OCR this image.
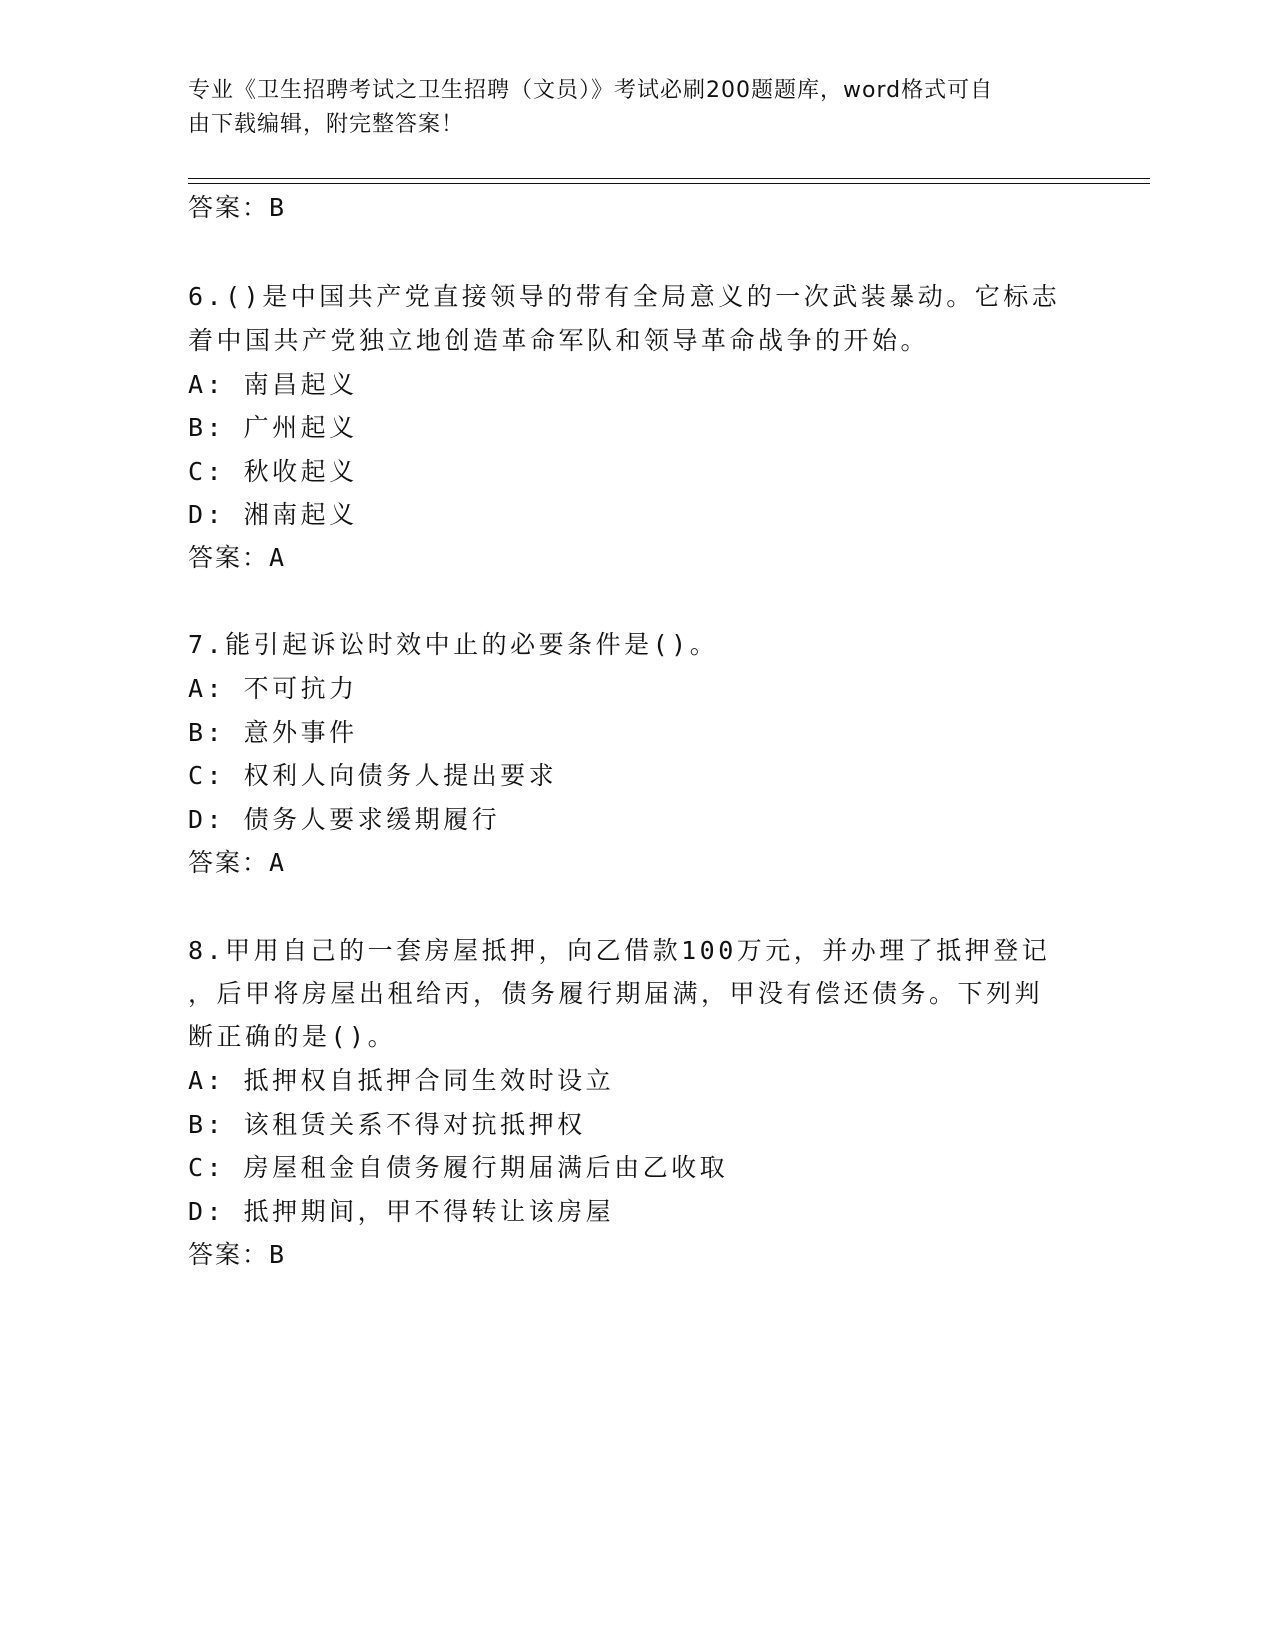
专业《卫生招聘考试之卫生招聘（文员）》考试必刷200题题库，word格式可自
由下载编辑，附完整答案！
答案：B
6.()是中国共产党直接领导的带有全局意义的一次武装暴动。它标志
着中国共产党独立地创造革命军队和领导革命战争的开始。
A: 南昌起义
B: 广州起义
C: 秋收起义
D: 湘南起义
答案：A
7.能引起诉讼时效中止的必要条件是()。
A: 不可抗力
B: 意外事件
C: 权利人向债务人提出要求
D: 债务人要求缓期履行
答案：A
8.甲用自己的一套房屋抵押，向乙借款100万元，并办理了抵押登记
，后甲将房屋出租给丙，债务履行期届满，甲没有偿还债务。下列判
断正确的是()。
A: 抵押权自抵押合同生效时设立
B: 该租赁关系不得对抗抵押权
C: 房屋租金自债务履行期届满后由乙收取
D: 抵押期间，甲不得转让该房屋
答案：B
